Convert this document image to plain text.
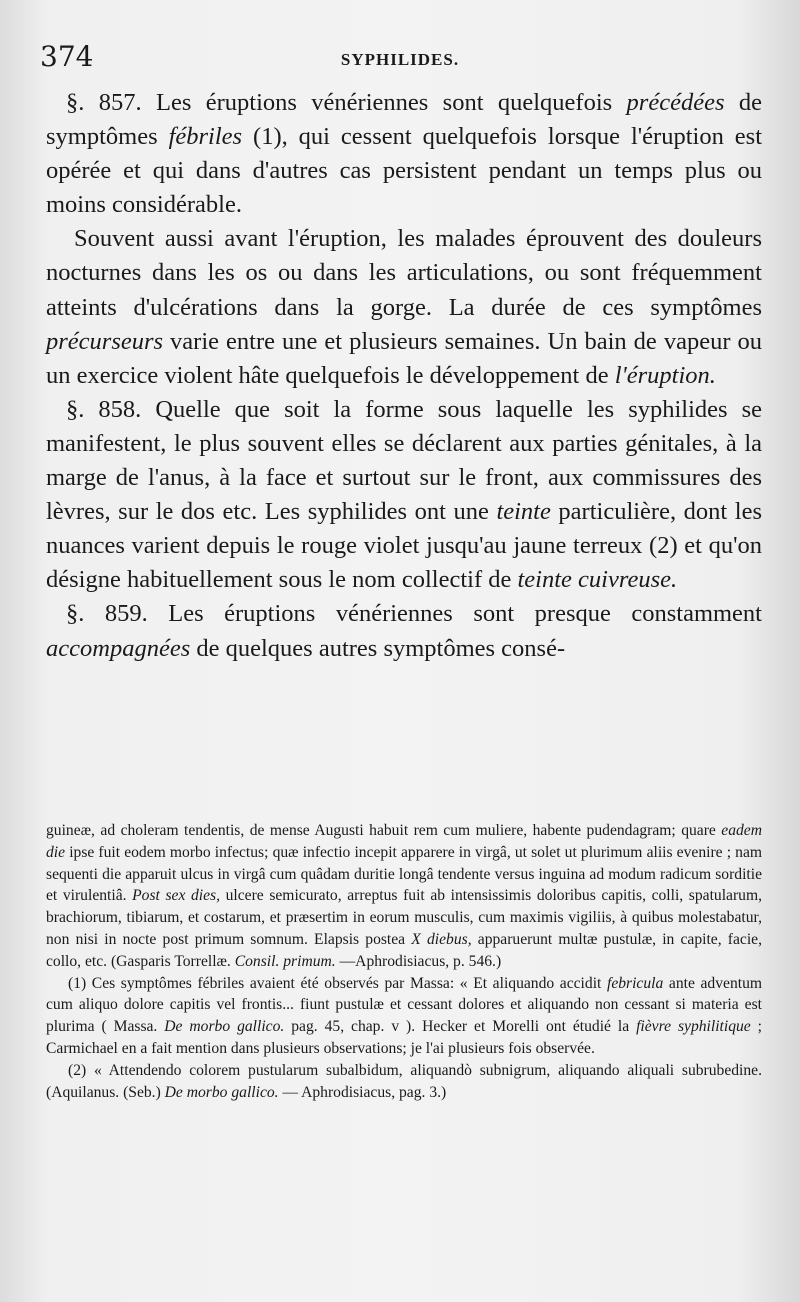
374	SYPHILIDES.

§. 857. Les éruptions vénériennes sont quelquefois précédées de symptômes fébriles (1), qui cessent quelquefois lorsque l'éruption est opérée et qui dans d'autres cas persistent pendant un temps plus ou moins considérable.

Souvent aussi avant l'éruption, les malades éprouvent des douleurs nocturnes dans les os ou dans les articulations, ou sont fréquemment atteints d'ulcérations dans la gorge. La durée de ces symptômes précurseurs varie entre une et plusieurs semaines. Un bain de vapeur ou un exercice violent hâte quelquefois le développement de l'éruption.

§. 858. Quelle que soit la forme sous laquelle les syphilides se manifestent, le plus souvent elles se déclarent aux parties génitales, à la marge de l'anus, à la face et surtout sur le front, aux commissures des lèvres, sur le dos etc. Les syphilides ont une teinte particulière, dont les nuances varient depuis le rouge violet jusqu'au jaune terreux (2) et qu'on désigne habituellement sous le nom collectif de teinte cuivreuse.

§. 859. Les éruptions vénériennes sont presque constamment accompagnées de quelques autres symptômes consé-

guineæ, ad choleram tendentis, de mense Augusti habuit rem cum muliere, habente pudendagram; quare eadem die ipse fuit eodem morbo infectus; quæ infectio incepit apparere in virgâ, ut solet ut plurimum aliis evenire ; nam sequenti die apparuit ulcus in virgâ cum quâdam duritie longâ tendente versus inguina ad modum radicum sorditie et virulentiâ. Post sex dies, ulcere semicurato, arreptus fuit ab intensissimis doloribus capitis, colli, spatularum, brachiorum, tibiarum, et costarum, et præsertim in eorum musculis, cum maximis vigiliis, à quibus molestabatur, non nisi in nocte post primum somnum. Elapsis postea X diebus, apparuerunt multæ pustulæ, in capite, facie, collo, etc. (Gasparis Torrellæ. Consil. primum. —Aphrodisiacus, p. 546.)

(1) Ces symptômes fébriles avaient été observés par Massa: « Et aliquando accidit febricula ante adventum cum aliquo dolore capitis vel frontis... fiunt pustulæ et cessant dolores et aliquando non cessant si materia est plurima ( Massa. De morbo gallico. pag. 45, chap. v ). Hecker et Morelli ont étudié la fièvre syphilitique ; Carmichael en a fait mention dans plusieurs observations; je l'ai plusieurs fois observée.

(2) « Attendendo colorem pustularum subalbidum, aliquandò subnigrum, aliquando aliquali subrubedine. (Aquilanus. (Seb.) De morbo gallico. — Aphrodisiacus, pag. 3.)
